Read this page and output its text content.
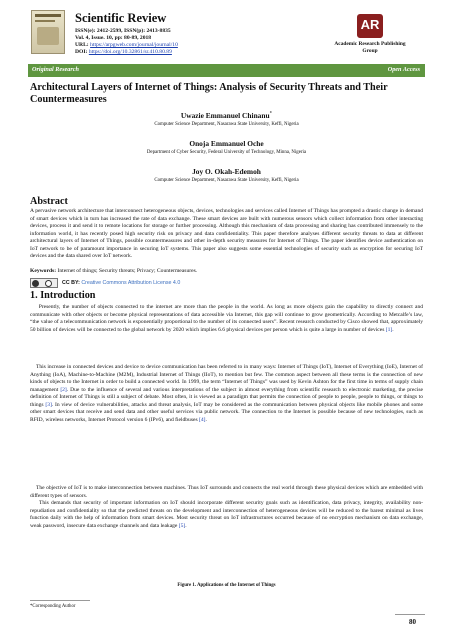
Scientific Review
ISSN(e): 2412-2599, ISSN(p): 2413-8835
Vol. 4, Issue. 10, pp: 80-89, 2018
URL: https://arpgweb.com/journal/journal/10
DOI: https://doi.org/10.32861/sr.410.80.89
AR
Academic Research Publishing
Group
Original Research	Open Access
Architectural Layers of Internet of Things: Analysis of Security Threats and Their Countermeasures
Uwazie Emmanuel Chinanu*
Computer Science Department, Nasarawa State University, Keffi, Nigeria
Onoja Emmanuel Oche
Department of Cyber Security, Federal University of Technology, Minna, Nigeria
Joy O. Okah-Edemoh
Computer Science Department, Nasarawa State University, Keffi, Nigeria
Abstract
A pervasive network architecture that interconnect heterogeneous objects, devices, technologies and services called Internet of Things has prompted a drastic change in demand of smart devices which in turn has increased the rate of data exchange. These smart devices are built with numerous sensors which collect information from other interacting devices, process it and send it to remote locations for storage or further processing. Although this mechanism of data processing and sharing has contributed immensely to the information world, it has recently posed high security risk on privacy and data confidentiality. This paper therefore analyses different security threats to data at different architectural layers of Internet of Things, possible countermeasures and other in-depth security measures for Internet of Things. The paper identifies device authentication on IoT network to be of paramount importance in securing IoT systems. This paper also suggests some essential technologies of security such as encryption for securing IoT devices and the data shared over IoT network.
Keywords: Internet of things; Security threats; Privacy; Countermeasures.
CC BY: Creative Commons Attribution License 4.0
1. Introduction
Presently, the number of objects connected to the internet are more than the people in the world. As long as more objects gain the capability to directly connect and communicate with other objects or become physical representations of data accessible via Internet, this gap will continue to grow geometrically. According to Metcalfe’s law, “the value of a telecommunication network is exponentially proportional to the number of its connected users”. Recent research conducted by Cisco showed that, approximately 50 billion of devices will be connected to the global network by 2020 which implies 6.6 physical devices per person which is quite a large in number of devices [1].
This increase in connected devices and device to device communication has been referred to in many ways: Internet of Things (IoT), Internet of Everything (IoE), Internet of Anything (IoA), Machine-to-Machine (M2M), Industrial Internet of Things (IIoT), to mention but few. The common aspect between all these terms is the connection of new kinds of objects to the Internet in order to build a connected world. In 1999, the term “Internet of Things” was used by Kevin Ashton for the first time in terms of supply chain management [2]. Due to the influence of several and various interpretations of the subject in almost everything from scientific research to electronic marketing, the precise definition of Internet of Things is still a subject of debate. Most often, it is viewed as a paradigm that permits the connection of people to people, people to things, or things to things [3]. In view of device vulnerabilities, attacks and threat analysis, IoT may be considered as the communication between physical objects like mobile phones and some other smart devices that receive and send data and other useful services via public network. The connection to the Internet is possible because of new technologies, such as RFID, wireless networks, Internet Protocol version 6 (IPv6), and fieldbuses [4].
The objective of IoT is to make interconnection between machines. Thus IoT surrounds and connects the real world through these physical devices which are embedded with different types of sensors.
This demands that security of important information on IoT should incorporate different security goals such as identification, data privacy, integrity, availability non-repudiation and confidentiality so that the predicted threats on the development and interconnection of heterogeneous devices will be reduced to the barest minimal as lives function daily with the help of information from smart devices. Most security threat on IoT infrastructures occurred because of no encryption mechanism on data exchange, weak password, insecure data exchange channels and data leakage [5].
Figure 1. Applications of the Internet of Things
*Corresponding Author
80
